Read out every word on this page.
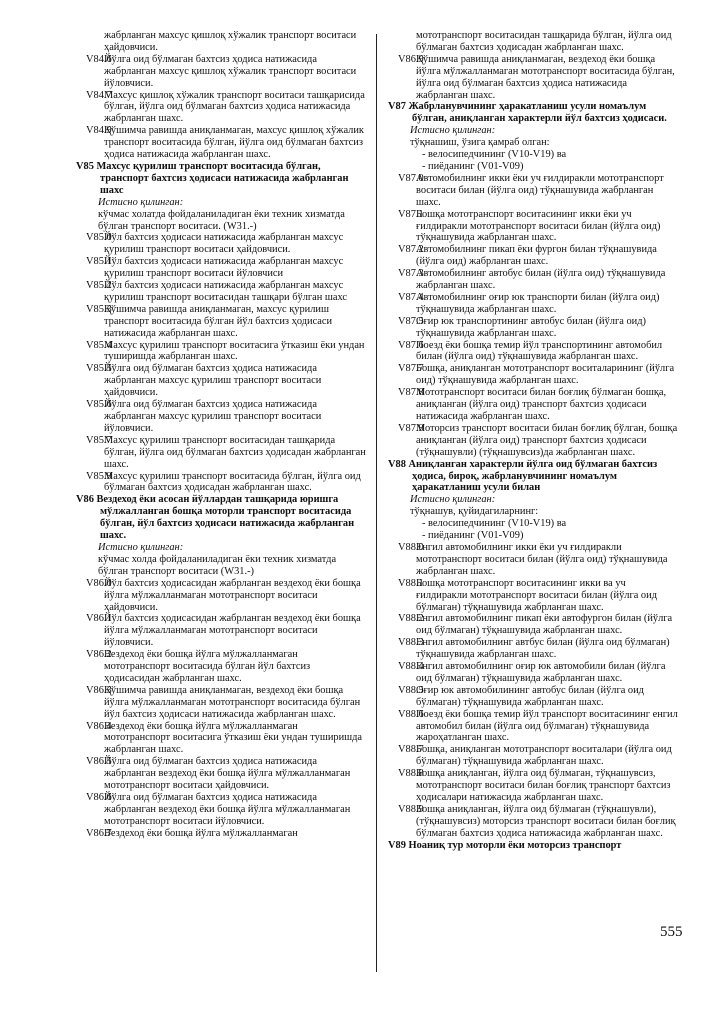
жабрланган махсус қишлоқ хўжалик транспорт воситаси ҳайдовчиси.
V84.6
Йўлга оид бўлмаган бахтсиз ҳодиса натижасида жабрланган махсус қишлоқ хўжалик транспорт воситаси йўловчиси.
V84.7
Махсус қишлоқ хўжалик транспорт воситаси ташқарисида бўлган, йўлга оид бўлмаган бахтсиз ҳодиса натижасида жабрланган шахс.
V84.9
Қўшимча равишда аниқланмаган, махсус қишлоқ хўжалик транспорт воситасида бўлган, йўлга оид бўлмаган бахтсиз ҳодиса натижасида жабрланган шахс.
V85 Махсус қурилиш транспорт воситасида бўлган, транспорт бахтсиз ҳодисаси натижасида жабрланган шахс
Истисно қилинган:
кўчмас холатда фойдаланиладиган ёки техник хизматда бўлган транспорт воситаси. (W31.-)
V85.0
Йўл бахтсиз ҳодисаси натижасида жабрланган махсус қурилиш транспорт воситаси ҳайдовчиси.
V85.1
Йўл бахтсиз ҳодисаси натижасида жабрланган махсус қурилиш транспорт воситаси йўловчиси
V85.2
Йўл бахтсиз ҳодисаси натижасида жабрланган махсус қурилиш транспорт воситасидан ташқари бўлган шахс
V85.3
Қўшимча равишда аниқланмаган, махсус қурилиш транспорт воситасида бўлган йўл бахтсиз ҳодисаси натижасида жабрланган шахс.
V85.4
Махсус қурилиш транспорт воситасига ўтказиш ёки ундан туширишда жабрланган шахс.
V85.5
Йўлга оид бўлмаган бахтсиз ҳодиса натижасида жабрланган махсус қурилиш транспорт воситаси ҳайдовчиси.
V85.6
Йўлга оид бўлмаган бахтсиз ҳодиса натижасида жабрланган махсус қурилиш транспорт воситаси йўловчиси.
V85.7
Махсус қурилиш транспорт воситасидан ташқарида бўлган, йўлга оид бўлмаган бахтсиз ҳодисадан жабрланган шахс.
V85.9
Махсус қурилиш транспорт воситасида бўлган, йўлга оид бўлмаган бахтсиз ҳодисадан жабрланган шахс.
V86 Вездеход ёки асосан йўллардан ташқарида юришга мўлжалланган бошқа моторли транспорт воситасида бўлган, йўл бахтсиз ҳодисаси натижасида жабрланган шахс.
Истисно қилинган:
кўчмас холда фойдаланиладиган ёки техник хизматда бўлган транспорт воситаси (W31.-)
V86.0
Йўл бахтсиз ҳодисасидан жабрланган вездеход ёки бошқа йўлга мўлжалланмаган мототранспорт воситаси ҳайдовчиси.
V86.1
Йўл бахтсиз ҳодисасидан жабрланган вездеход ёки бошқа йўлга мўлжалланмаган мототранспорт воситаси йўловчиси.
V86.2
Вездеход ёки бошқа йўлга мўлжалланмаган мототранспорт воситасида бўлган йўл бахтсиз ҳодисасидан жабрланган шахс.
V86.3
Қўшимча равишда аниқланмаган, вездеход ёки бошқа йўлга мўлжалланмаган мототранспорт воситасида бўлган йўл бахтсиз ҳодисаси натижасида жабрланган шахс.
V86.4
Вездеход ёки бошқа йўлга мўлжалланмаган мототранспорт воситасига ўтказиш ёки ундан туширишда жабрланган шахс.
V86.5
Йўлга оид бўлмаган бахтсиз ҳодиса натижасида жабрланган вездеход ёки бошқа йўлга мўлжалланмаган мототранспорт воситаси ҳайдовчиси.
V86.6
Йўлга оид бўлмаган бахтсиз ҳодиса натижасида жабрланган вездеход ёки бошқа йўлга мўлжалланмаган мототранспорт воситаси йўловчиси.
V86.7
Вездеход ёки бошқа йўлга мўлжалланмаган
мототранспорт воситасидан ташқарида бўлган, йўлга оид бўлмаган бахтсиз ҳодисадан жабрланган шахс.
V86.9
Қўшимча равишда аниқланмаган, вездеход ёки бошқа йўлга мўлжалланмаган мототранспорт воситасида бўлган, йўлга оид бўлмаган бахтсиз ҳодиса натижасида жабрланган шахс.
V87 Жабрланувчининг ҳаракатланиш усули номаълум бўлган, аниқланган характерли йўл бахтсиз ҳодисаси.
Истисно қилинган:
тўқнашиш, ўзига қамраб олган:
- велосипедчининг (V10-V19) ва
- пиёданинг (V01-V09)
V87.0
Автомобилнинг икки ёки уч ғилдиракли мототранспорт воситаси билан (йўлга оид) тўқнашувида жабрланган шахс.
V87.1
Бошқа мототранспорт воситасининг икки ёки уч ғилдиракли мототранспорт воситаси билан (йўлга оид) тўқнашувида жабрланган шахс.
V87.2
Автомобилнинг пикап ёки фургон билан тўқнашувида (йўлга оид) жабрланган шахс.
V87.3
Автомобилнинг автобус билан (йўлга оид) тўқнашувида жабрланган шахс.
V87.4
Автомобилнинг оғир юк транспорти билан (йўлга оид) тўқнашувида жабрланган шахс.
V87.5
Оғир юк транспортининг автобус билан (йўлга оид) тўқнашувида жабрланган шахс.
V87.6
Поезд ёки бошқа темир йўл транспортининг автомобил билан (йўлга оид) тўқнашувида жабрланган шахс.
V87.7
Бошқа, аниқланган мототранспорт воситаларининг (йўлга оид) тўқнашувида жабрланган шахс.
V87.8
Мототранспорт воситаси билан боғлиқ бўлмаган бошқа, аниқланган (йўлга оид) транспорт бахтсиз ҳодисаси натижасида жабрланган шахс.
V87.9
Моторсиз транспорт воситаси билан боғлиқ бўлган, бошқа аниқланган (йўлга оид) транспорт бахтсиз ҳодисаси (тўқнашувли) (тўқнашувсиз)да жабрланган шахс.
V88 Аниқланган характерли йўлга оид бўлмаган бахтсиз ҳодиса, бироқ, жабрланувчининг номаълум ҳаракатланиш усули билан
Истисно қилинган:
тўқнашув, қуйидагиларнинг:
- велосипедчининг (V10-V19) ва
- пиёданинг (V01-V09)
V88.0
Енгил автомобилнинг икки ёки уч ғилдиракли мототранспорт воситаси билан (йўлга оид) тўқнашувида жабрланган шахс.
V88.1
Бошқа мототранспорт воситасининг икки ва уч ғилдиракли мототранспорт воситаси билан (йўлга оид бўлмаган) тўқнашувида жабрланган шахс.
V88.2
Енгил автомобилнинг пикап ёки автофургон билан (йўлга оид бўлмаган) тўқнашувида жабрланган шахс.
V88.3
Енгил автомобилнинг автбус билан (йўлга оид бўлмаган) тўқнашувида жабрланган шахс.
V88.4
Енгил автомобилнинг оғир юк автомобили билан (йўлга оид бўлмаган) тўқнашувида жабрланган шахс.
V88.5
Оғир юк автомобилининг автобус билан (йўлга оид бўлмаган) тўқнашувида жабрланган шахс.
V88.6
Поезд ёки бошқа темир йўл транспорт воситасининг енгил автомобил билан (йўлга оид бўлмаган) тўқнашувида жароҳатланган шахс.
V88.7
Бошқа, аниқланган мототранспорт воситалари (йўлга оид бўлмаган) тўқнашувида жабрланган шахс.
V88.8
Бошқа аниқланган, йўлга оид бўлмаган, тўқнашувсиз, мототранспорт воситаси билан боғлиқ транспорт бахтсиз ҳодисалари натижасида жабрланган шахс.
V88.9
Бошқа аниқланган, йўлга оид бўлмаган (тўқнашувли), (тўқнашувсиз) моторсиз транспорт воситаси билан боғлиқ бўлмаган бахтсиз ҳодиса натижасида жабрланган шахс.
V89 Ноаниқ тур моторли ёки моторсиз транспорт
555
